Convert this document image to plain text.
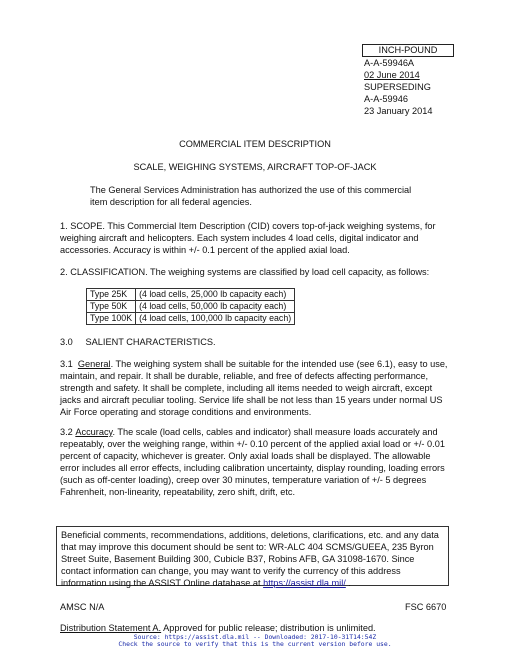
INCH-POUND
A-A-59946A
02 June 2014
SUPERSEDING
A-A-59946
23 January 2014
COMMERCIAL ITEM DESCRIPTION
SCALE, WEIGHING SYSTEMS, AIRCRAFT TOP-OF-JACK

The General Services Administration has authorized the use of this commercial item description for all federal agencies.

1. SCOPE. This Commercial Item Description (CID) covers top-of-jack weighing systems, for weighing aircraft and helicopters. Each system includes 4 load cells, digital indicator and accessories. Accuracy is within +/- 0.1 percent of the applied axial load.

2. CLASSIFICATION. The weighing systems are classified by load cell capacity, as follows:

Type 25K	(4 load cells, 25,000 lb capacity each)
Type 50K	(4 load cells, 50,000 lb capacity each)
Type 100K	(4 load cells, 100,000 lb capacity each)
3.0     SALIENT CHARACTERISTICS.

3.1 General. The weighing system shall be suitable for the intended use (see 6.1), easy to use, maintain, and repair. It shall be durable, reliable, and free of defects affecting performance, strength and safety. It shall be complete, including all items needed to weigh aircraft, except jacks and aircraft peculiar tooling. Service life shall be not less than 15 years under normal US Air Force operating and storage conditions and environments.

3.2 Accuracy. The scale (load cells, cables and indicator) shall measure loads accurately and repeatably, over the weighing range, within +/- 0.10 percent of the applied axial load or +/- 0.01 percent of capacity, whichever is greater. Only axial loads shall be displayed. The allowable error includes all error effects, including calibration uncertainty, display rounding, loading errors (such as off-center loading), creep over 30 minutes, temperature variation of +/- 5 degrees Fahrenheit, non-linearity, repeatability, zero shift, drift, etc.

Beneficial comments, recommendations, additions, deletions, clarifications, etc. and any data that may improve this document should be sent to: WR-ALC 404 SCMS/GUEEA, 235 Byron Street Suite, Basement Building 300, Cubicle B37, Robins AFB, GA 31098-1670. Since contact information can change, you may want to verify the currency of this address information using the ASSIST Online database at https://assist.dla.mil/ .
AMSC N/A	FSC 6670
Distribution Statement A. Approved for public release; distribution is unlimited.
Source: https://assist.dla.mil -- Downloaded: 2017-10-31T14:54Z
Check the source to verify that this is the current version before use.
